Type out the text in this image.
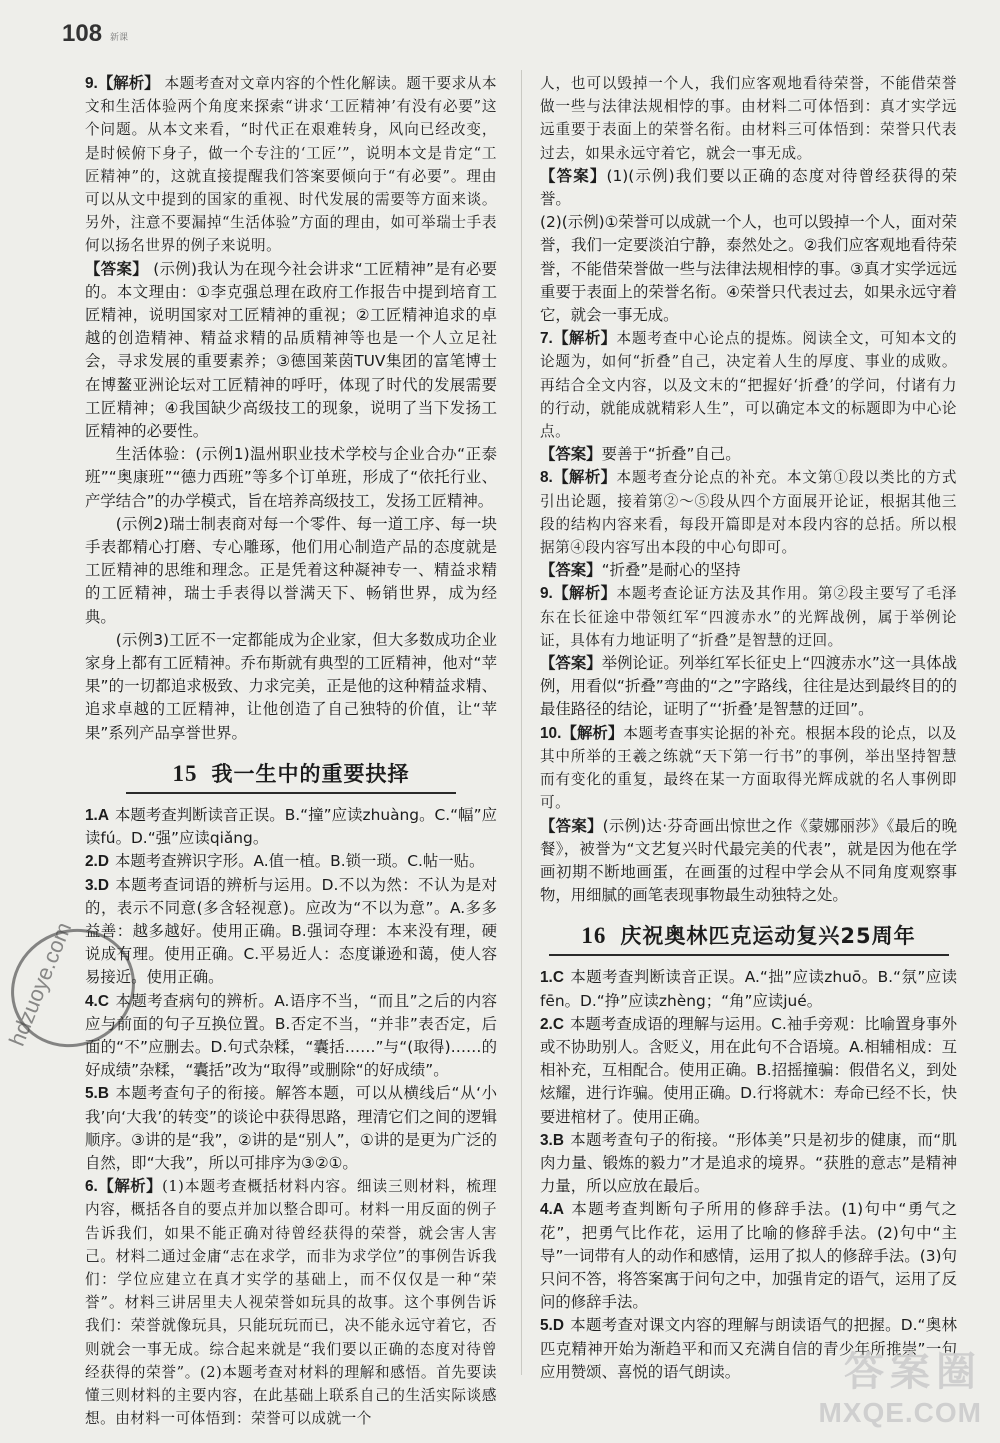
108 新课

9.【解析】 本题考查对文章内容的个性化解读。题干要求从本文和生活体验两个角度来探索“讲求‘工匠精神’有没有必要”这个问题。从本文来看，“时代正在艰难转身，风向已经改变，是时候俯下身子，做一个专注的‘工匠’”，说明本文是肯定“工匠精神”的，这就直接提醒我们答案要倾向于“有必要”。理由可以从文中提到的国家的重视、时代发展的需要等方面来谈。另外，注意不要漏掉“生活体验”方面的理由，如可举瑞士手表何以扬名世界的例子来说明。

【答案】 (示例)我认为在现今社会讲求“工匠精神”是有必要的。本文理由：①李克强总理在政府工作报告中提到培育工匠精神，说明国家对工匠精神的重视；②工匠精神追求的卓越的创造精神、精益求精的品质精神等也是一个人立足社会，寻求发展的重要素养；③德国莱茵TUV集团的富笔博士在博鳌亚洲论坛对工匠精神的呼吁，体现了时代的发展需要工匠精神；④我国缺少高级技工的现象，说明了当下发扬工匠精神的必要性。

生活体验：(示例1)温州职业技术学校与企业合办“正泰班”“奥康班”“德力西班”等多个订单班，形成了“依托行业、产学结合”的办学模式，旨在培养高级技工，发扬工匠精神。

(示例2)瑞士制表商对每一个零件、每一道工序、每一块手表都精心打磨、专心雕琢，他们用心制造产品的态度就是工匠精神的思维和理念。正是凭着这种凝神专一、精益求精的工匠精神，瑞士手表得以誉满天下、畅销世界，成为经典。

(示例3)工匠不一定都能成为企业家，但大多数成功企业家身上都有工匠精神。乔布斯就有典型的工匠精神，他对“苹果”的一切都追求极致、力求完美，正是他的这种精益求精、追求卓越的工匠精神，让他创造了自己独特的价值，让“苹果”系列产品享誉世界。

15 我一生中的重要抉择

1.A 本题考查判断读音正误。B.“撞”应读zhuàng。C.“幅”应读fú。D.“强”应读qiǎng。

2.D 本题考查辨识字形。A.值一植。B.锁一琐。C.帖一贴。

3.D 本题考查词语的辨析与运用。D.不以为然：不认为是对的，表示不同意(多含轻视意)。应改为“不以为意”。A.多多益善：越多越好。使用正确。B.强词夺理：本来没有理，硬说成有理。使用正确。C.平易近人：态度谦逊和蔼，使人容易接近。使用正确。

4.C 本题考查病句的辨析。A.语序不当，“而且”之后的内容应与前面的句子互换位置。B.否定不当，“并非”表否定，后面的“不”应删去。D.句式杂糅，“囊括……”与“(取得)……的好成绩”杂糅，“囊括”改为“取得”或删除“的好成绩”。

5.B 本题考查句子的衔接。解答本题，可以从横线后“从‘小我’向‘大我’的转变”的谈论中获得思路，理清它们之间的逻辑顺序。③讲的是“我”，②讲的是“别人”，①讲的是更为广泛的自然，即“大我”，所以可排序为③②①。

6.【解析】(1)本题考查概括材料内容。细读三则材料，梳理内容，概括各自的要点并加以整合即可。材料一用反面的例子告诉我们，如果不能正确对待曾经获得的荣誉，就会害人害己。材料二通过金庸“志在求学，而非为求学位”的事例告诉我们：学位应建立在真才实学的基础上，而不仅仅是一种“荣誉”。材料三讲居里夫人视荣誉如玩具的故事。这个事例告诉我们：荣誉就像玩具，只能玩玩而已，决不能永远守着它，否则就会一事无成。综合起来就是“我们要以正确的态度对待曾经获得的荣誉”。(2)本题考查对材料的理解和感悟。首先要读懂三则材料的主要内容，在此基础上联系自己的生活实际谈感想。由材料一可体悟到：荣誉可以成就一个

人，也可以毁掉一个人，我们应客观地看待荣誉，不能借荣誉做一些与法律法规相悖的事。由材料二可体悟到：真才实学远远重要于表面上的荣誉名衔。由材料三可体悟到：荣誉只代表过去，如果永远守着它，就会一事无成。

【答案】(1)(示例)我们要以正确的态度对待曾经获得的荣誉。

(2)(示例)①荣誉可以成就一个人，也可以毁掉一个人，面对荣誉，我们一定要淡泊宁静，泰然处之。②我们应客观地看待荣誉，不能借荣誉做一些与法律法规相悖的事。③真才实学远远重要于表面上的荣誉名衔。④荣誉只代表过去，如果永远守着它，就会一事无成。

7.【解析】本题考查中心论点的提炼。阅读全文，可知本文的论题为，如何“折叠”自己，决定着人生的厚度、事业的成败。再结合全文内容，以及文末的“把握好‘折叠’的学问，付诸有力的行动，就能成就精彩人生”，可以确定本文的标题即为中心论点。

【答案】要善于“折叠”自己。

8.【解析】本题考查分论点的补充。本文第①段以类比的方式引出论题，接着第②～⑤段从四个方面展开论证，根据其他三段的结构内容来看，每段开篇即是对本段内容的总括。所以根据第④段内容写出本段的中心句即可。

【答案】“折叠”是耐心的坚持

9.【解析】本题考查论证方法及其作用。第②段主要写了毛泽东在长征途中带领红军“四渡赤水”的光辉战例，属于举例论证，具体有力地证明了“折叠”是智慧的迂回。

【答案】举例论证。列举红军长征史上“四渡赤水”这一具体战例，用看似“折叠”弯曲的“之”字路线，往往是达到最终目的的最佳路径的结论，证明了“‘折叠’是智慧的迂回”。

10.【解析】本题考查事实论据的补充。根据本段的论点，以及其中所举的王羲之练就“天下第一行书”的事例，举出坚持智慧而有变化的重复，最终在某一方面取得光辉成就的名人事例即可。

【答案】(示例)达·芬奇画出惊世之作《蒙娜丽莎》《最后的晚餐》，被誉为“文艺复兴时代最完美的代表”，就是因为他在学画初期不断地画蛋，在画蛋的过程中学会从不同角度观察事物，用细腻的画笔表现事物最生动独特之处。

16 庆祝奥林匹克运动复兴25周年

1.C 本题考查判断读音正误。A.“拙”应读zhuō。B.“氛”应读fēn。D.“挣”应读zhèng；“角”应读jué。

2.C 本题考查成语的理解与运用。C.袖手旁观：比喻置身事外或不协助别人。含贬义，用在此句不合语境。A.相辅相成：互相补充，互相配合。使用正确。B.招摇撞骗：假借名义，到处炫耀，进行诈骗。使用正确。D.行将就木：寿命已经不长，快要进棺材了。使用正确。

3.B 本题考查句子的衔接。“形体美”只是初步的健康，而“肌肉力量、锻炼的毅力”才是追求的境界。“获胜的意志”是精神力量，所以应放在最后。

4.A 本题考查判断句子所用的修辞手法。(1)句中“勇气之花”，把勇气比作花，运用了比喻的修辞手法。(2)句中“主导”一词带有人的动作和感情，运用了拟人的修辞手法。(3)句只问不答，将答案寓于问句之中，加强肯定的语气，运用了反问的修辞手法。

5.D 本题考查对课文内容的理解与朗读语气的把握。D.“奥林匹克精神开始为渐趋平和而又充满自信的青少年所推崇”一句应用赞颂、喜悦的语气朗读。

hdzuoye.com
答案圈
MXQE.COM
